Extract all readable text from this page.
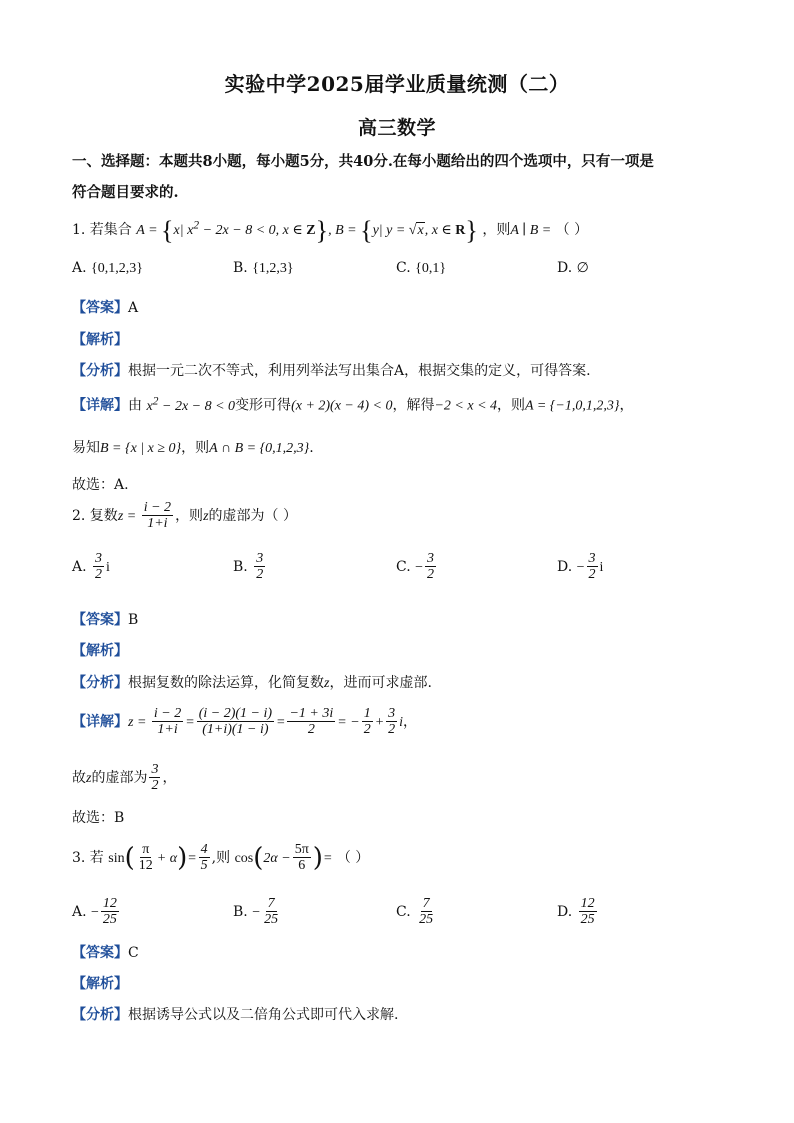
实验中学2025届学业质量统测（二）
高三数学
一、选择题：本题共8小题，每小题5分，共40分.在每小题给出的四个选项中，只有一项是
符合题目要求的.
1. 若集合 A = {x| $x^2 - 2x - 8 < 0$, x ∈ Z}, B = {y| y = √x, x ∈ R} ，则A ∣ B = （ ）
A. {0,1,2,3}	B. {1,2,3}	C. {0,1}	D. ∅
【答案】A
【解析】
【分析】根据一元二次不等式，利用列举法写出集合A，根据交集的定义，可得答案.
【详解】由 $x^2 - 2x - 8 < 0$变形可得(x + 2)(x − 4) < 0，解得−2 < x < 4，则A = {−1,0,1,2,3}，
易知B = {x | x ≥ 0}，则A ∩ B = {0,1,2,3}.
故选：A.
2. 复数$z = \frac{i - 2}{1+i}$ ，则z的虚部为（ ）
A. $\frac{3}{2}$ i	B. $\frac{3}{2}$	C. − $\frac{3}{2}$	D. − $\frac{3}{2}$ i
【答案】B
【解析】
【分析】根据复数的除法运算，化简复数z，进而可求虚部.
【详解】$z = \frac{i - 2}{1+i} = \frac{(i - 2)(1 - i)}{(1+i)(1 - i)} = \frac{-1 + 3i}{2}$ = − $\frac{1}{2} + \frac{3}{2}$ i，
故z的虚部为 $\frac{3}{2}$ ，
故选：B
3. 若 $\sin( \frac{\pi}{12} + \alpha)= \frac{4}{5}$ ,则 $\cos(2\alpha - \frac{5\pi}{6}$ )= （ ）
A. − $\frac{12}{25}$	B. − $\frac{7}{25}$	C. $\frac{7}{25}$	D. $\frac{12}{25}$
【答案】C
【解析】
【分析】根据诱导公式以及二倍角公式即可代入求解.
